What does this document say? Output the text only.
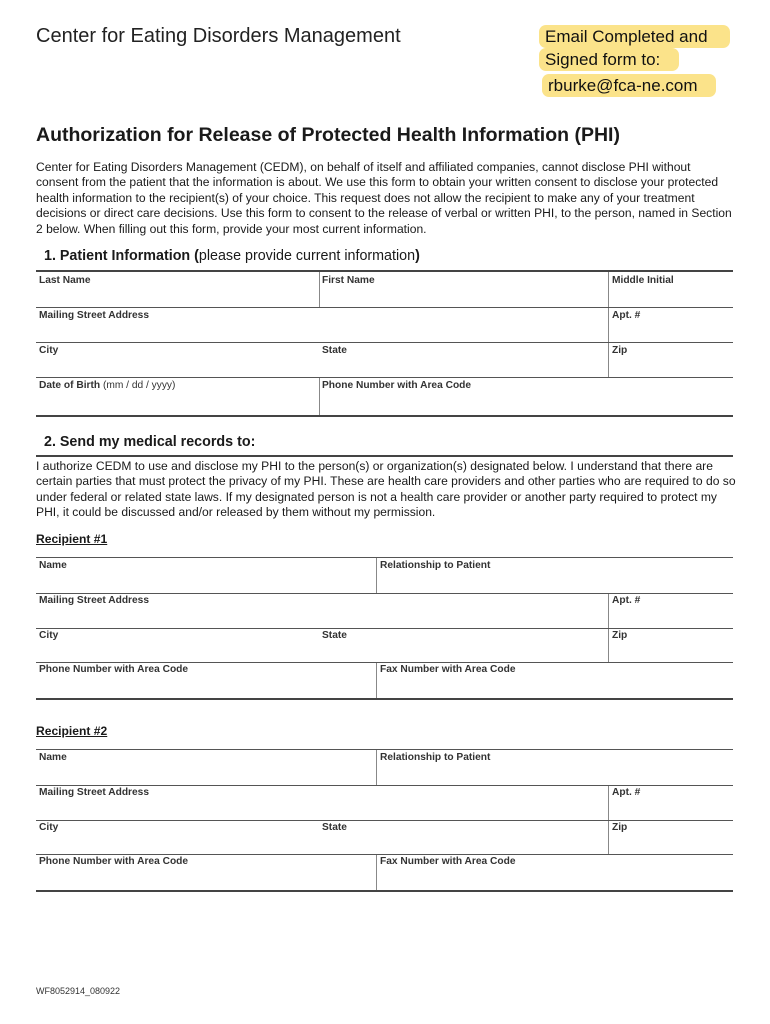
Center for Eating Disorders Management	Email Completed and
Signed form to:
rburke@fca-ne.com
Authorization for Release of Protected Health Information (PHI)
Center for Eating Disorders Management (CEDM), on behalf of itself and affiliated companies, cannot disclose PHI without consent from the patient that the information is about. We use this form to obtain your written consent to disclose your protected health information to the recipient(s) of your choice. This request does not allow the recipient to make any of your treatment decisions or direct care decisions. Use this form to consent to the release of verbal or written PHI, to the person, named in Section 2 below. When filling out this form, provide your most current information.
1. Patient Information (please provide current information)
Last Name	First Name	Middle Initial
Mailing Street Address	Apt. #
City	State	Zip
Date of Birth (mm / dd / yyyy)	Phone Number with Area Code
2. Send my medical records to:
I authorize CEDM to use and disclose my PHI to the person(s) or organization(s) designated below. I understand that there are certain parties that must protect the privacy of my PHI. These are health care providers and other parties who are required to do so under federal or related state laws. If my designated person is not a health care provider or another party required to protect my PHI, it could be discussed and/or released by them without my permission.
Recipient #1
Name	Relationship to Patient
Mailing Street Address	Apt. #
City	State	Zip
Phone Number with Area Code	Fax Number with Area Code
Recipient #2
Name	Relationship to Patient
Mailing Street Address	Apt. #
City	State	Zip
Phone Number with Area Code	Fax Number with Area Code
WF8052914_080922
